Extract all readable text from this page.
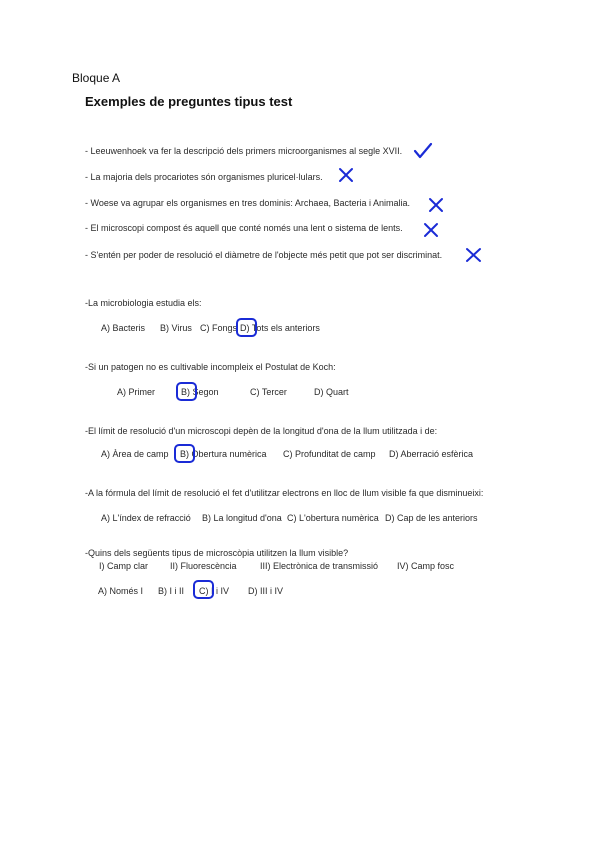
Bloque A
Exemples de preguntes tipus test
- Leeuwenhoek va fer la descripció dels primers microorganismes al segle XVII.
- La majoria dels procariotes són organismes pluricel·lulars.
- Woese va agrupar els organismes en tres dominis: Archaea, Bacteria i Animalia.
- El microscopi compost és aquell que conté només una lent o sistema de lents.
- S'entén per poder de resolució el diàmetre de l'objecte més petit que pot ser discriminat.
-La microbiologia estudia els:
A) Bacteris B) Virus C) Fongs D) Tots els anteriors
-Si un patogen no es cultivable incompleix el Postulat de Koch:
A) Primer	B) Segon	C) Tercer	D) Quart
-El límit de resolució d'un microscopi depèn de la longitud d'ona de la llum utilitzada i de:
A) Àrea de camp B) Obertura numèrica C) Profunditat de camp D) Aberració esfèrica
-A la fórmula del límit de resolució el fet d'utilitzar electrons en lloc de llum visible fa que disminueixi:
A) L'índex de refracció B) La longitud d'ona C) L'obertura numèrica D) Cap de les anteriors
-Quins dels següents tipus de microscòpia utilitzen la llum visible?
I) Camp clar II) Fluorescència	III) Electrònica de transmissió IV) Camp fosc
A) Només I B) I i II C) I i IV D) III i IV
